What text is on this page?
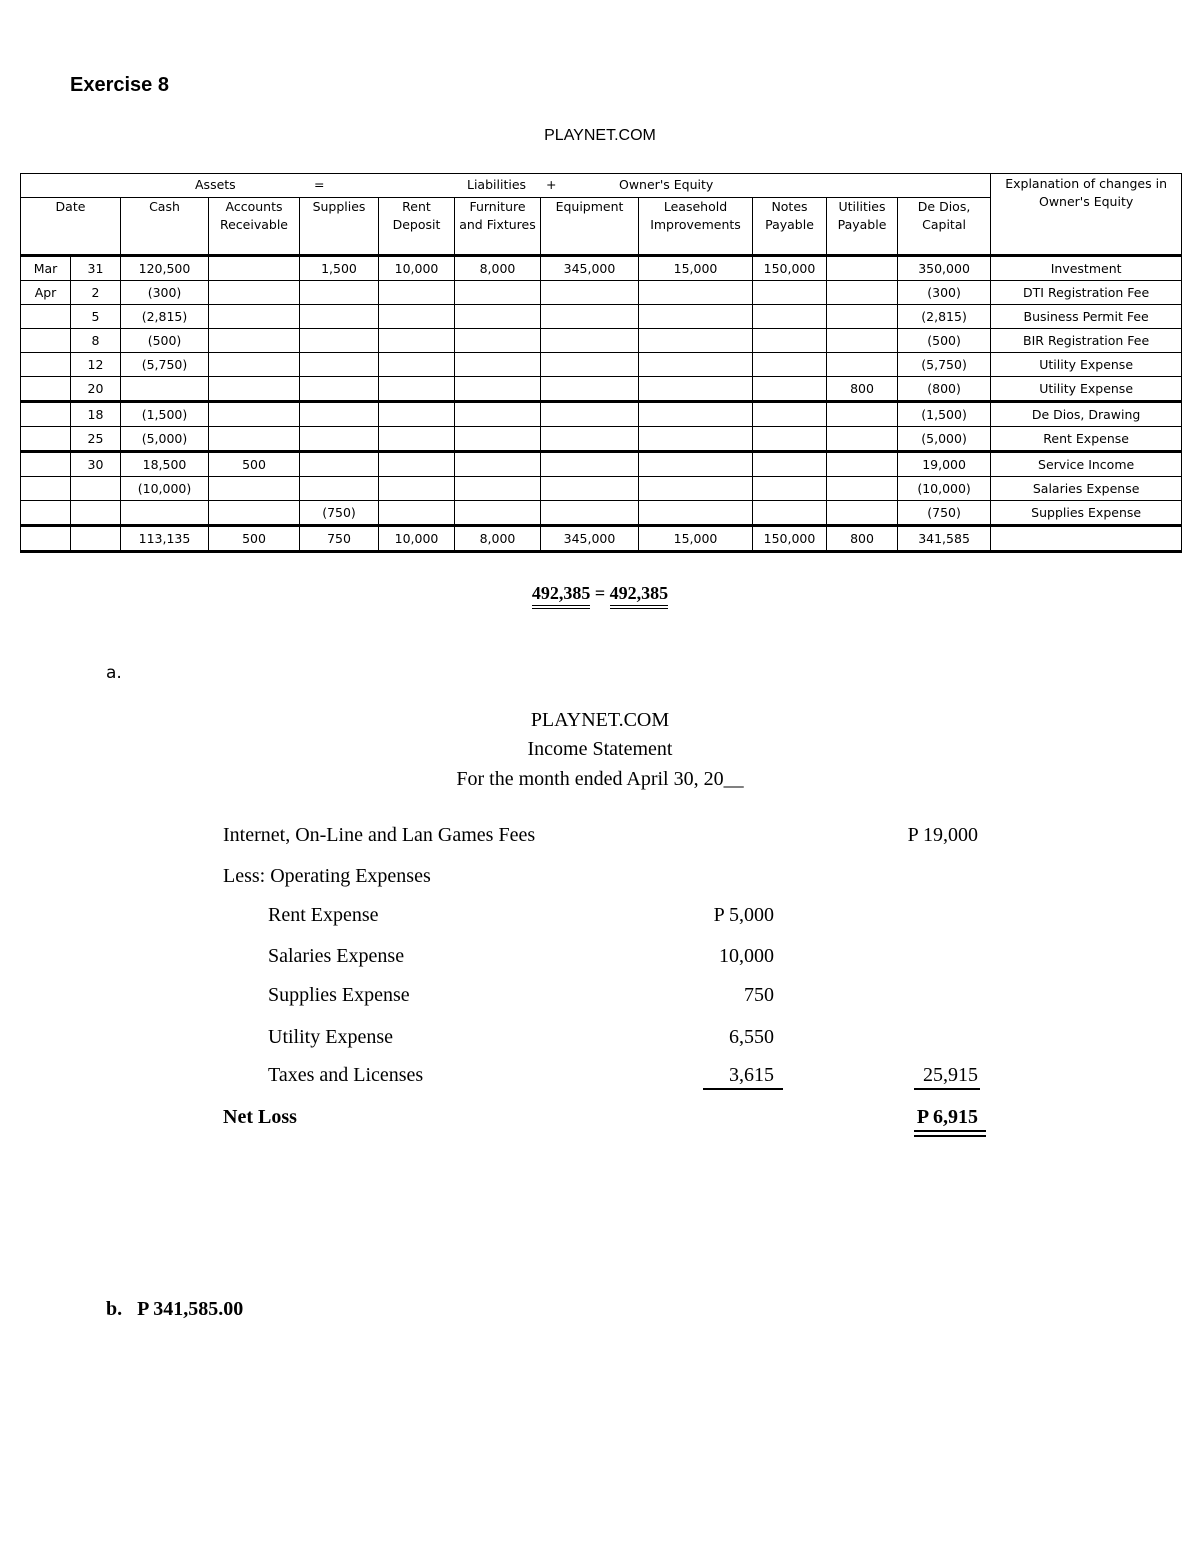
Exercise 8
PLAYNET.COM
Assets = Liabilities + Owner's Equity												Explanation of changes in Owner's Equity
Date		Cash	Accounts Receivable	Supplies	Rent Deposit	Furniture and Fixtures	Equipment	Leasehold Improvements	Notes Payable	Utilities Payable	De Dios, Capital	
Mar	31	120,500		1,500	10,000	8,000	345,000	15,000	150,000		350,000	Investment
Apr	2	(300)									(300)	DTI Registration Fee
	5	(2,815)									(2,815)	Business Permit Fee
	8	(500)									(500)	BIR Registration Fee
	12	(5,750)									(5,750)	Utility Expense
	20									800	(800)	Utility Expense
	18	(1,500)									(1,500)	De Dios, Drawing
	25	(5,000)									(5,000)	Rent Expense
	30	18,500	500								19,000	Service Income
		(10,000)									(10,000)	Salaries Expense
				(750)							(750)	Supplies Expense
		113,135	500	750	10,000	8,000	345,000	15,000	150,000	800	341,585	
492,385 = 492,385
a.
PLAYNET.COM
Income Statement
For the month ended April 30, 20__
Internet, On-Line and Lan Games Fees	P 19,000
Less: Operating Expenses
Rent Expense	P 5,000
Salaries Expense	10,000
Supplies Expense	750
Utility Expense	6,550
Taxes and Licenses	3,615	25,915
Net Loss	P 6,915
b. P 341,585.00
